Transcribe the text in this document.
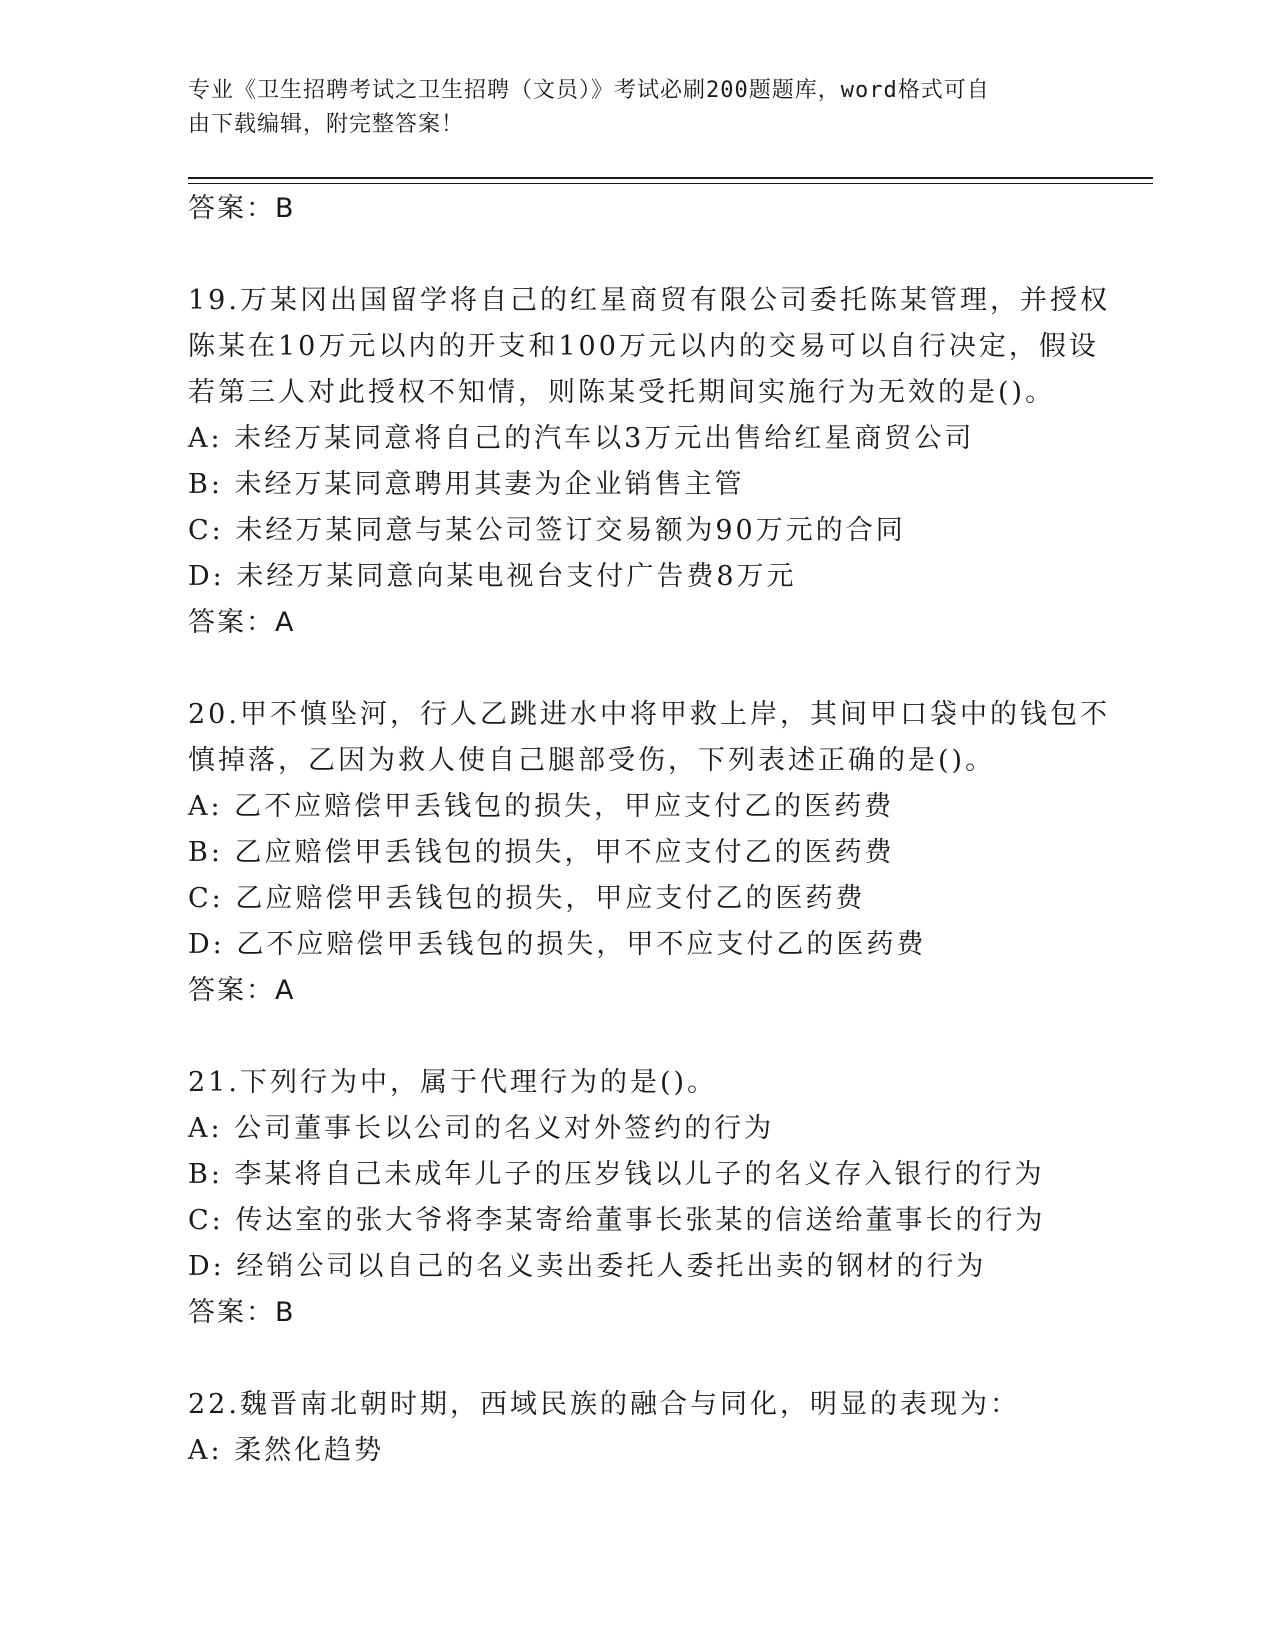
专业《卫生招聘考试之卫生招聘（文员）》考试必刷200题题库，word格式可自
由下载编辑，附完整答案！
答案：B
19.万某冈出国留学将自己的红星商贸有限公司委托陈某管理，并授权
陈某在10万元以内的开支和100万元以内的交易可以自行决定，假设
若第三人对此授权不知情，则陈某受托期间实施行为无效的是()。
A: 未经万某同意将自己的汽车以3万元出售给红星商贸公司
B: 未经万某同意聘用其妻为企业销售主管
C: 未经万某同意与某公司签订交易额为90万元的合同
D: 未经万某同意向某电视台支付广告费8万元
答案：A
20.甲不慎坠河，行人乙跳进水中将甲救上岸，其间甲口袋中的钱包不
慎掉落，乙因为救人使自己腿部受伤，下列表述正确的是()。
A: 乙不应赔偿甲丢钱包的损失，甲应支付乙的医药费
B: 乙应赔偿甲丢钱包的损失，甲不应支付乙的医药费
C: 乙应赔偿甲丢钱包的损失，甲应支付乙的医药费
D: 乙不应赔偿甲丢钱包的损失，甲不应支付乙的医药费
答案：A
21.下列行为中，属于代理行为的是()。
A: 公司董事长以公司的名义对外签约的行为
B: 李某将自己未成年儿子的压岁钱以儿子的名义存入银行的行为
C: 传达室的张大爷将李某寄给董事长张某的信送给董事长的行为
D: 经销公司以自己的名义卖出委托人委托出卖的钢材的行为
答案：B
22.魏晋南北朝时期，西域民族的融合与同化，明显的表现为：
A: 柔然化趋势
